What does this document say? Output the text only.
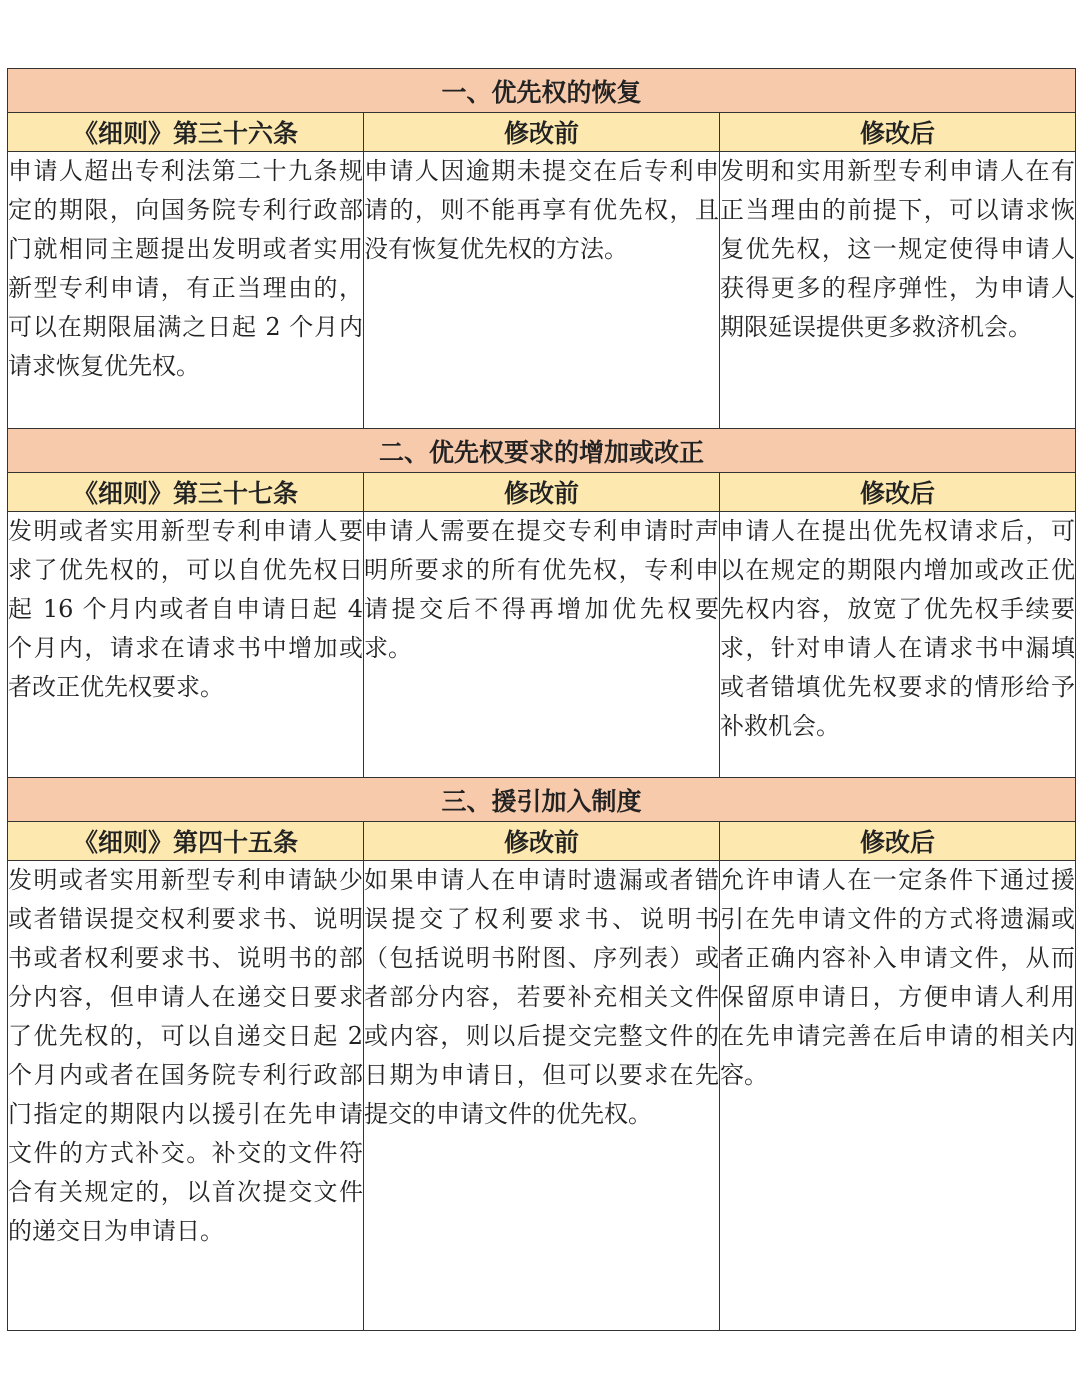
一、优先权的恢复		
《细则》第三十六条	修改前	修改后

申请人超出专利法第二十九条规定的期限，向国务院专利行政部门就相同主题提出发明或者实用新型专利申请，有正当理由的，可以在期限届满之日起 2 个月内请求恢复优先权。	申请人因逾期未提交在后专利申请的，则不能再享有优先权，且没有恢复优先权的方法。	发明和实用新型专利申请人在有正当理由的前提下，可以请求恢复优先权，这一规定使得申请人获得更多的程序弹性，为申请人期限延误提供更多救济机会。

二、优先权要求的增加或改正		
《细则》第三十七条	修改前	修改后

发明或者实用新型专利申请人要求了优先权的，可以自优先权日起 16 个月内或者自申请日起 4 个月内，请求在请求书中增加或者改正优先权要求。	申请人需要在提交专利申请时声明所要求的所有优先权，专利申请提交后不得再增加优先权要求。	申请人在提出优先权请求后，可以在规定的期限内增加或改正优先权内容，放宽了优先权手续要求，针对申请人在请求书中漏填或者错填优先权要求的情形给予补救机会。

三、援引加入制度		
《细则》第四十五条	修改前	修改后

发明或者实用新型专利申请缺少或者错误提交权利要求书、说明书或者权利要求书、说明书的部分内容，但申请人在递交日要求了优先权的，可以自递交日起 2 个月内或者在国务院专利行政部门指定的期限内以援引在先申请文件的方式补交。补交的文件符合有关规定的，以首次提交文件的递交日为申请日。	如果申请人在申请时遗漏或者错误提交了权利要求书、说明书（包括说明书附图、序列表）或者部分内容，若要补充相关文件或内容，则以后提交完整文件的日期为申请日，但可以要求在先提交的申请文件的优先权。	允许申请人在一定条件下通过援引在先申请文件的方式将遗漏或者正确内容补入申请文件，从而保留原申请日，方便申请人利用在先申请完善在后申请的相关内容。
